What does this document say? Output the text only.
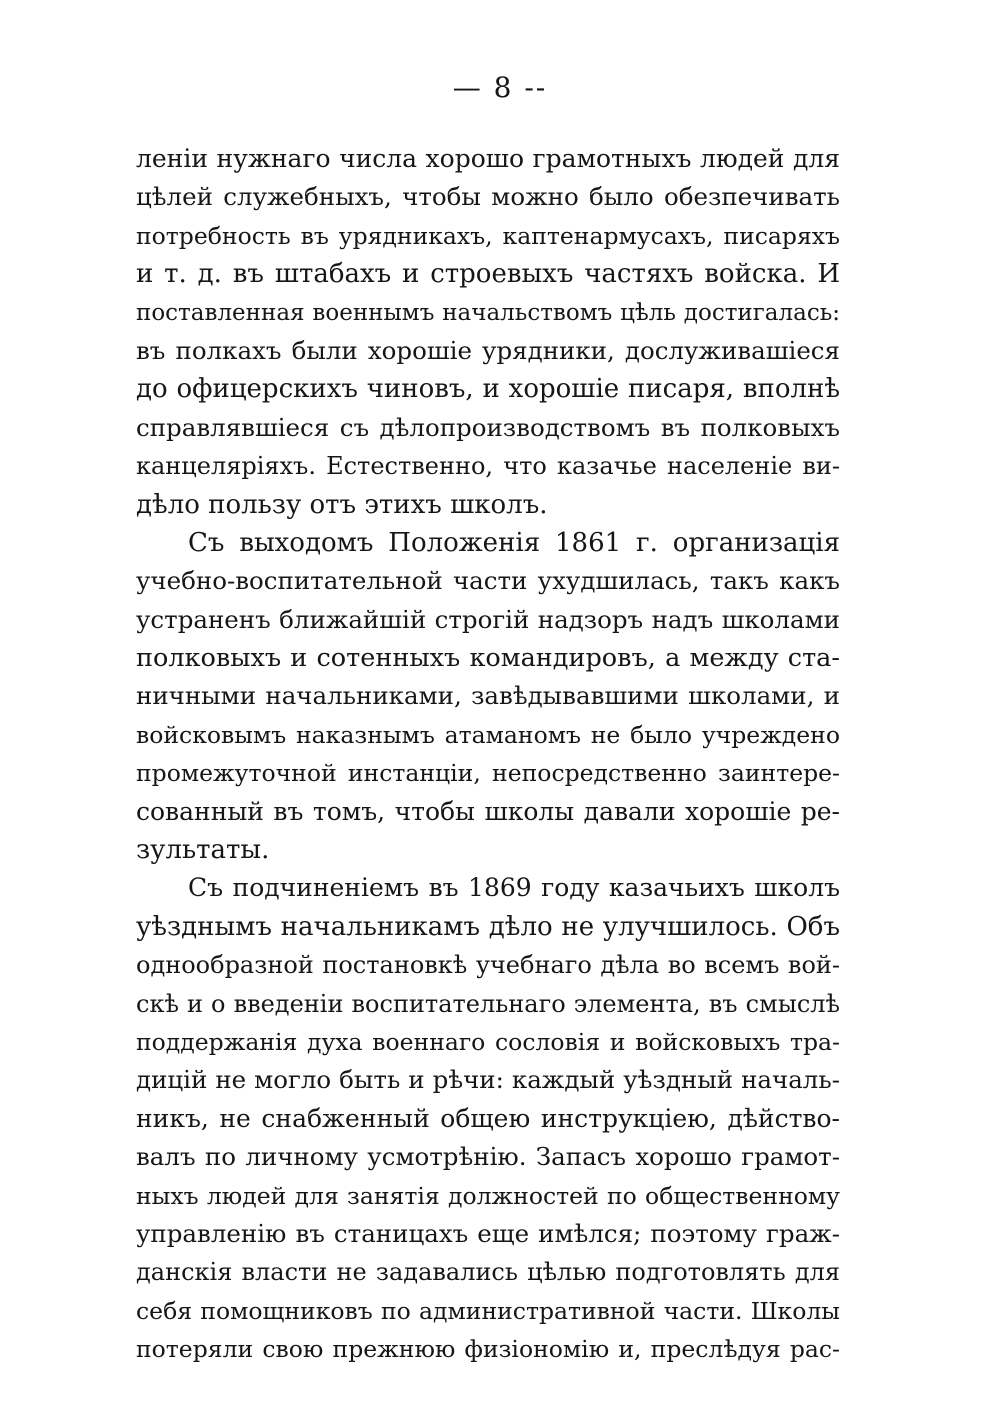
— 8 --
леніи нужнаго числа хорошо грамотныхъ людей для
цѣлей служебныхъ, чтобы можно было обезпечивать
потребность въ урядникахъ, каптенармусахъ, писаряхъ
и т. д. въ штабахъ и строевыхъ частяхъ войска. И
поставленная военнымъ начальствомъ цѣль достигалась:
въ полкахъ были хорошіе урядники, дослуживашіеся
до офицерскихъ чиновъ, и хорошіе писаря, вполнѣ
справлявшіеся съ дѣлопроизводствомъ въ полковыхъ
канцеляріяхъ. Естественно, что казачье населеніе ви-
дѣло пользу отъ этихъ школъ.
Съ выходомъ Положенія 1861 г. организація
учебно-воспитательной части ухудшилась, такъ какъ
устраненъ ближайшій строгій надзоръ надъ школами
полковыхъ и сотенныхъ командировъ, а между ста-
ничными начальниками, завѣдывавшими школами, и
войсковымъ наказнымъ атаманомъ не было учреждено
промежуточной инстанціи, непосредственно заинтере-
сованный въ томъ, чтобы школы давали хорошіе ре-
зультаты.
Съ подчиненіемъ въ 1869 году казачьихъ школъ
уѣзднымъ начальникамъ дѣло не улучшилось. Объ
однообразной постановкѣ учебнаго дѣла во всемъ вой-
скѣ и о введеніи воспитательнаго элемента, въ смыслѣ
поддержанія духа военнаго сословія и войсковыхъ тра-
дицій не могло быть и рѣчи: каждый уѣздный началь-
никъ, не снабженный общею инструкціею, дѣйство-
валъ по личному усмотрѣнію. Запасъ хорошо грамот-
ныхъ людей для занятія должностей по общественному
управленію въ станицахъ еще имѣлся; поэтому граж-
данскія власти не задавались цѣлью подготовлять для
себя помощниковъ по административной части. Школы
потеряли свою прежнюю физіономію и, преслѣдуя рас-
